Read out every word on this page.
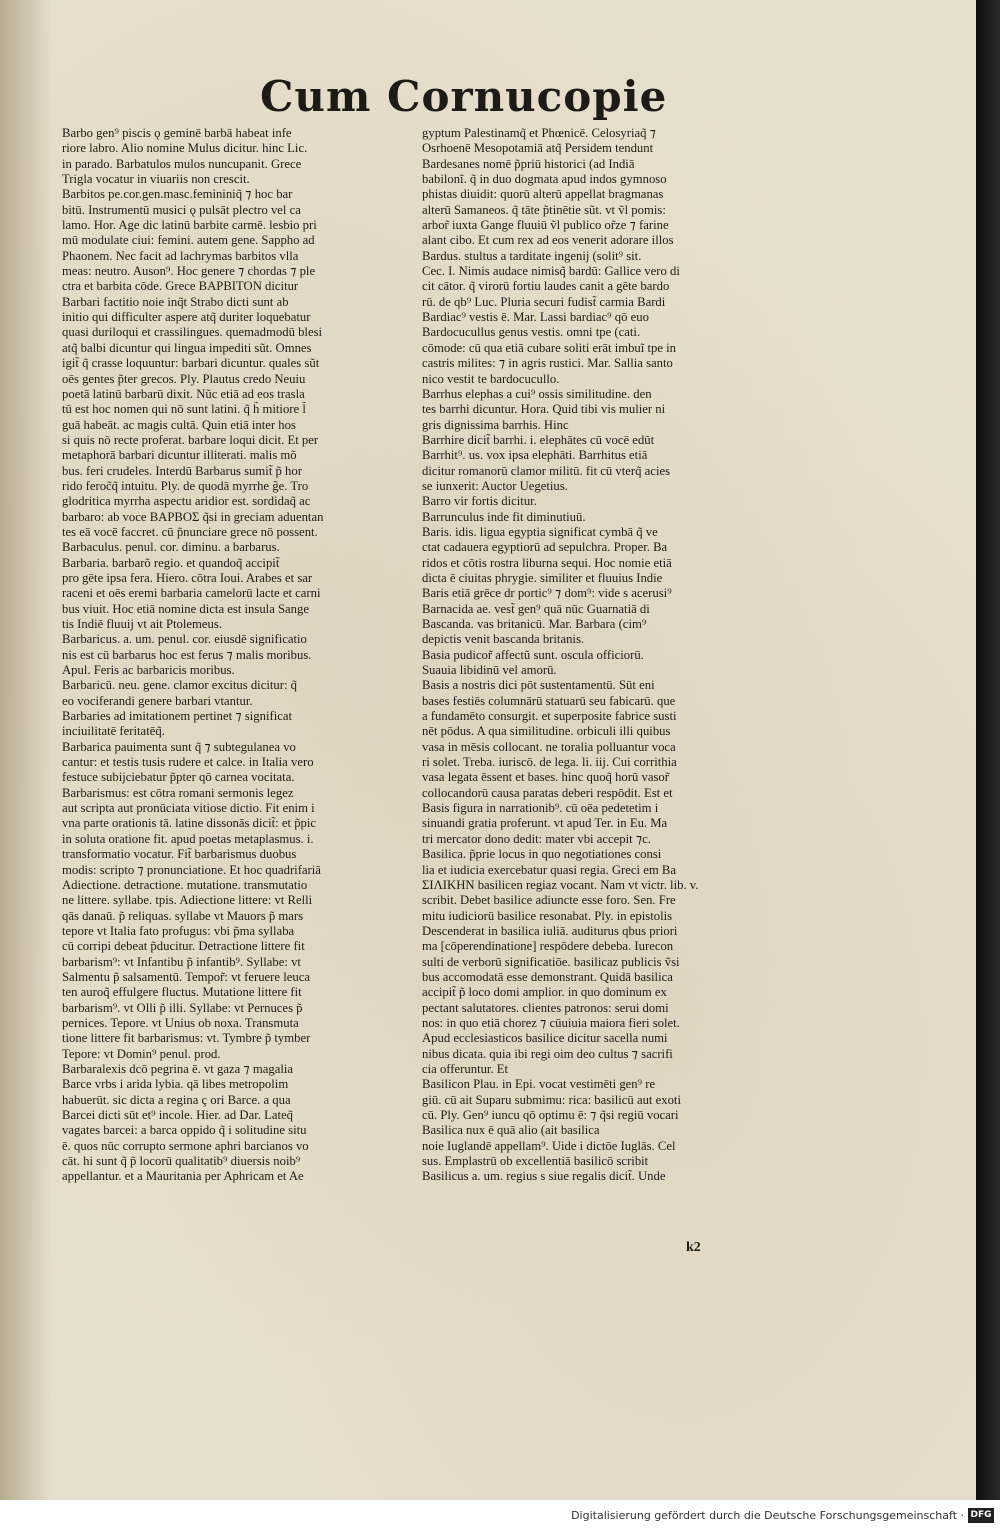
Cum Cornucopie
Barbo gen⁹ piscis ǫ geminē barbā habeat infe
riore labro. Alio nomine Mulus dicitur. hinc Lic.
in parado. Barbatulos mulos nuncupanit. Grece
Trigla vocatur in viuariis non crescit.
Barbitos pe.cor.gen.masc.femininiq̃ ⁊ hoc bar
bitū. Instrumentū musici ǫ pulsāt plectro vel ca
lamo. Hor. Age dic latinū barbite carmē. lesbio pri
mū modulate ciui: femini. autem gene. Sappho ad
Phaonem. Nec facit ad lachrymas barbitos vlla
meas: neutro. Auson⁹. Hoc genere ⁊ chordas ⁊ ple
ctra et barbita cōde. Grece ΒΑΡΒΙΤΟΝ dicitur
Barbari factitio noie inq̃t Strabo dicti sunt ab
initio qui difficulter aspere atq̃ duriter loquebatur
quasi duriloqui et crassilingues. quemadmodū blesi
atq̃ balbi dicuntur qui lingua impediti sũt. Omnes
igit̃ q̃ crasse loquuntur: barbari dicuntur. quales sũt
oēs gentes p̃ter grecos. Ply. Plautus credo Neuiu
poetā latinū barbarū dixit. Nũc etiā ad eos trasla
tū est hoc nomen qui nō sunt latini. q̃ h̃ mitiore l̃
guā habeāt. ac magis cultā. Quin etiā inter hos
si quis nō recte proferat. barbare loqui dicit. Et per
metaphorā barbari dicuntur illiterati. malis mõ
bus. feri crudeles. Interdū Barbarus sumit̃ p̃ hor
rido feroc̃q̃ intuitu. Ply. de quodā myrrhe g̃e. Tro
glodritica myrrha aspectu aridior est. sordidaq̃ ac
barbaro: ab voce ΒΑΡΒΟΣ q̃si in greciam aduentan
tes eā vocē faccret. cū p̃nunciare grece nō possent.
Barbaculus. penul. cor. diminu. a barbarus.
Barbaria. barbarõ regio. et quandoq̃ accipit̃
pro gēte ipsa fera. Hiero. cōtra Ioui. Arabes et sar
raceni et oēs eremi barbaria camelorū lacte et carni
bus viuit. Hoc etiā nomine dicta est insula Sange
tis Indiē fluuij vt ait Ptolemeus.
Barbaricus. a. um. penul. cor. eiusdē significatio
nis est cū barbarus hoc est ferus ⁊ malis moribus.
Apul. Feris ac barbaricis moribus.
Barbaricū. neu. gene. clamor excitus dicitur: q̃
eo vociferandi genere barbari vtantur.
Barbaries ad imitationem pertinet ⁊ significat
inciuilitatē feritatēq̃.
Barbarica pauimenta sunt q̃ ⁊ subtegulanea vo
cantur: et testis tusis rudere et calce. in Italia vero
festuce subijciebatur p̃pter qō carnea vocitata.
Barbarismus: est cōtra romani sermonis legez
aut scripta aut pronūciata vitiose dictio. Fit enim i
vna parte orationis tā. latine dissonās dicit̃: et p̃pic
in soluta oratione fit. apud poetas metaplasmus. i.
transformatio vocatur. Fit̃ barbarismus duobus
modis: scripto ⁊ pronunciatione. Et hoc quadrifariā
Adiectione. detractione. mutatione. transmutatio
ne littere. syllabe. tpis. Adiectione littere: vt Relli
qās danaū. p̃ reliquas. syllabe vt Mauors p̃ mars
tepore vt Italia fato profugus: vbi p̃ma syllaba
cū corripi debeat p̃ducitur. Detractione littere fit
barbarism⁹: vt Infantibu p̃ infantib⁹. Syllabe: vt
Salmentu p̃ salsamentū. Tempor̃: vt feruere leuca
ten auroq̃ effulgere fluctus. Mutatione littere fit
barbarism⁹. vt Olli p̃ illi. Syllabe: vt Pernuces p̃
pernices. Tepore. vt Unius ob noxa. Transmuta
tione littere fit barbarismus: vt. Tymbre p̃ tymber
Tepore: vt Domin⁹ penul. prod.
Barbaralexis dcō pegrina ē. vt gaza ⁊ magalia
Barce vrbs i arida lybia. qā libes metropolim
habuerūt. sic dicta a regina ç ori Barce. a qua
Barcei dicti sūt et⁹ incole. Hier. ad Dar. Lateq̃
vagates barcei: a barca oppido q̃ i solitudine situ
ē. quos nūc corrupto sermone aphri barcianos vo
cāt. hi sunt q̃ p̃ locorū qualitatib⁹ diuersis noib⁹
appellantur. et a Mauritania per Aphricam et Ae
gyptum Palestinamq̃ et Phœnicē. Celosyriaq̃ ⁊
Osrhoenē Mesopotamiā atq̃ Persidem tendunt
Bardesanes nomē p̃priū historici (ad Indiā
babilonĩ. q̃ in duo dogmata apud indos gymnoso
phistas diuidit: quorū alterū appellat bragmanas
alterū Samaneos. q̃ tāte p̃tinētie sũt. vt ṽl pomis:
arbor̃ iuxta Gange fluuiū ṽl publico or̃ze ⁊ farine
alant cibo. Et cum rex ad eos venerit adorare illos
Bardus. stultus a tarditate ingenij (solit⁹ sit.
Cec. I. Nimis audace nimisq̃ bardū: Gallice vero di
cit cātor. q̃ virorū fortiu laudes canit a gēte bardo
rū. de qb⁹ Luc. Pluria securi fudist̃ carmia Bardi
Bardiac⁹ vestis ē. Mar. Lassi bardiac⁹ qō euo
Bardocucullus genus vestis. omni tpe (cati.
cōmode: cū qua etiā cubare soliti erāt imbuĩ tpe in
castris milites: ⁊ in agris rustici. Mar. Sallia santo
nico vestit te bardocucullo.
Barrhus elephas a cui⁹ ossis similitudine. den
tes barrhi dicuntur. Hora. Quid tibi vis mulier ni
gris dignissima barrhis. Hinc
Barrhire dicit̃ barrhi. i. elephātes cū vocē edūt
Barrhit⁹. us. vox ipsa elephāti. Barrhitus etiā
dicitur romanorū clamor militū. fit cū vterq̃ acies
se iunxerit: Auctor Uegetius.
Barro vir fortis dicitur.
Barrunculus inde fit diminutiuū.
Baris. idis. ligua egyptia significat cymbā q̃ ve
ctat cadauera egyptiorū ad sepulchra. Proper. Ba
ridos et cōtis rostra liburna sequi. Hoc nomie etiā
dicta ē ciuitas phrygie. similiter et fluuius Indie
Baris etiā grēce dr portic⁹ ⁊ dom⁹: vide s acerusi⁹
Barnacida ae. vest̃ gen⁹ quā nūc Guarnatiā di
Bascanda. vas britanicū. Mar. Barbara (cim⁹
depictis venit bascanda britanis.
Basia pudicor̃ affectũ sunt. oscula officiorū.
Suauia libidinū vel amorū.
Basis a nostris dici pōt sustentamentū. Sūt eni
bases festiēs columnārū statuarū seu fabicarū. que
a fundamēto consurgit. et superposite fabrice susti
nēt pōdus. A qua similitudine. orbiculi illi quibus
vasa in mēsis collocant. ne toralia polluantur voca
ri solet. Treba. iuriscō. de lega. li. iij. Cui corrithia
vasa legata ēssent et bases. hinc quoq̃ horū vasor̃
collocandorū causa paratas deberi respōdit. Est et
Basis figura in narrationib⁹. cū oēa pedetetim i
sinuandi gratia proferunt. vt apud Ter. in Eu. Ma
tri mercator dono dedit: mater vbi accepit ⁊c.
Basilica. p̃prie locus in quo negotiationes consi
lia et iudicia exercebatur quasi regia. Greci em Ba
ΣΙΛΙΚΗΝ basilicen regiaz vocant. Nam vt victr. lib. v.
scribit. Debet basilice adiuncte esse foro. Sen. Fre
mitu iudiciorū basilice resonabat. Ply. in epistolis
Descenderat in basilica iuliā. auditurus qbus priori
ma [cōperendinatione] respōdere debeba. Iurecon
sulti de verborū significatiōe. basilicaz publicis ṽsi
bus accomodatā esse demonstrant. Quidā basilica
accipit̃ p̃ loco domi amplior. in quo dominum ex
pectant salutatores. clientes patronos: serui domi
nos: in quo etiā chorez ⁊ cūuiuia maiora fieri solet.
Apud ecclesiasticos basilice dicitur sacella numi
nibus dicata. quia ibi regi oim deo cultus ⁊ sacrifi
cia offeruntur. Et
Basilicon Plau. in Epi. vocat vestimēti gen⁹ re
giū. cū ait Suparu submimu: rica: basilicū aut exoti
cū. Ply. Gen⁹ iuncu qō optimu ē: ⁊ q̃si regiū vocari
Basilica nux ē quā alio (ait basilica
noie Iuglandē appellam⁹. Uide i dictōe Iuglās. Cel
sus. Emplastrū ob excellentiā basilicō scribit
Basilicus a. um. regius s siue regalis dicit̃. Unde
k2
Digitalisierung gefördert durch die Deutsche Forschungsgemeinschaft · DFG
